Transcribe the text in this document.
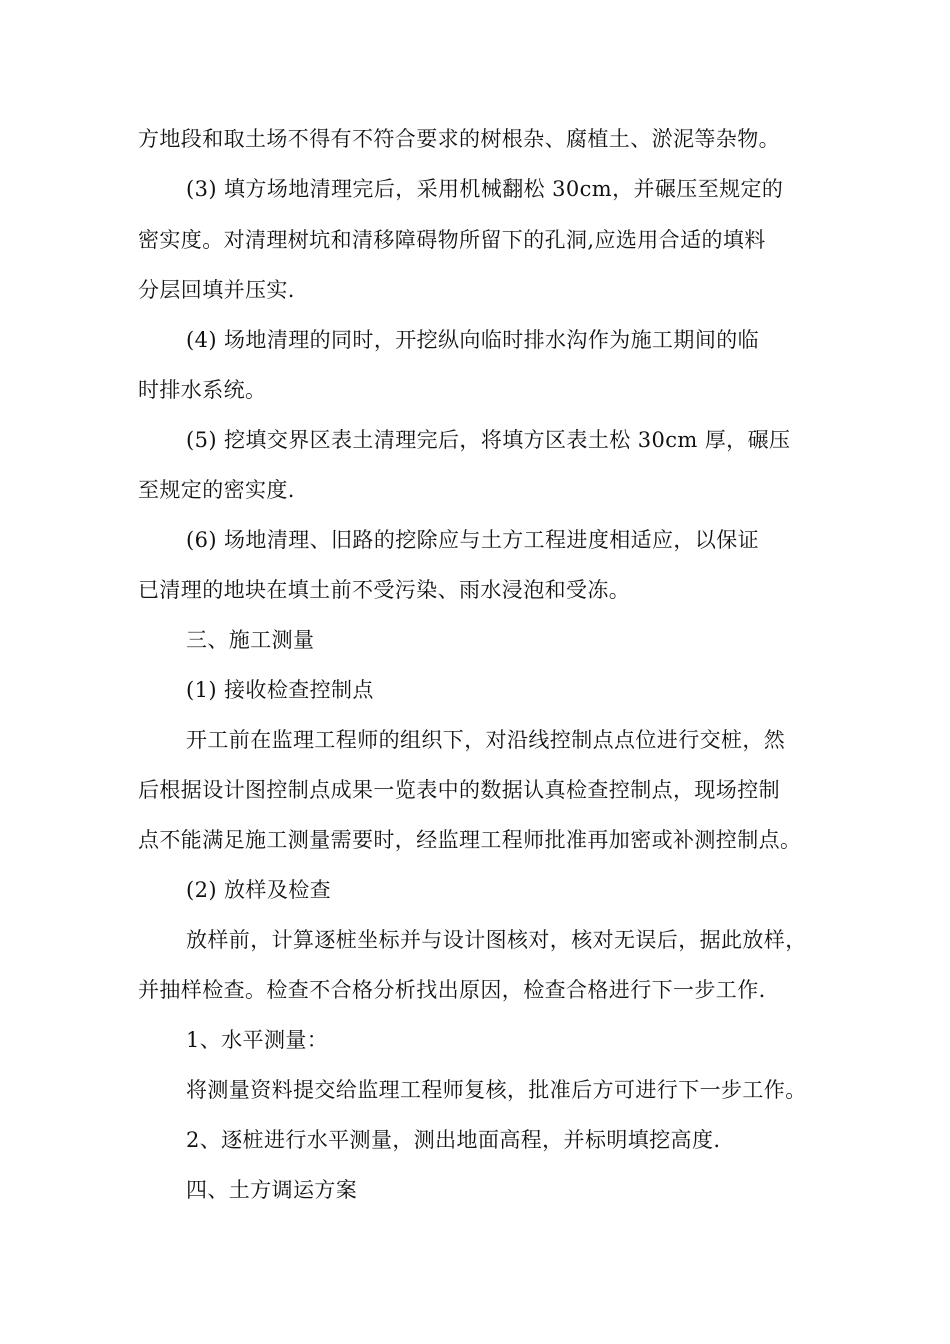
方地段和取土场不得有不符合要求的树根杂、腐植土、淤泥等杂物。
(3) 填方场地清理完后，采用机械翻松 30cm，并碾压至规定的
密实度。对清理树坑和清移障碍物所留下的孔洞,应选用合适的填料
分层回填并压实.
(4) 场地清理的同时，开挖纵向临时排水沟作为施工期间的临
时排水系统。
(5) 挖填交界区表土清理完后，将填方区表土松 30cm 厚，碾压
至规定的密实度.
(6) 场地清理、旧路的挖除应与土方工程进度相适应，以保证
已清理的地块在填土前不受污染、雨水浸泡和受冻。
三、施工测量
(1) 接收检查控制点
开工前在监理工程师的组织下，对沿线控制点点位进行交桩，然
后根据设计图控制点成果一览表中的数据认真检查控制点，现场控制
点不能满足施工测量需要时，经监理工程师批准再加密或补测控制点。
(2) 放样及检查
放样前，计算逐桩坐标并与设计图核对，核对无误后，据此放样，
并抽样检查。检查不合格分析找出原因，检查合格进行下一步工作.
1、水平测量：
将测量资料提交给监理工程师复核，批准后方可进行下一步工作。
2、逐桩进行水平测量，测出地面高程，并标明填挖高度.
四、土方调运方案
